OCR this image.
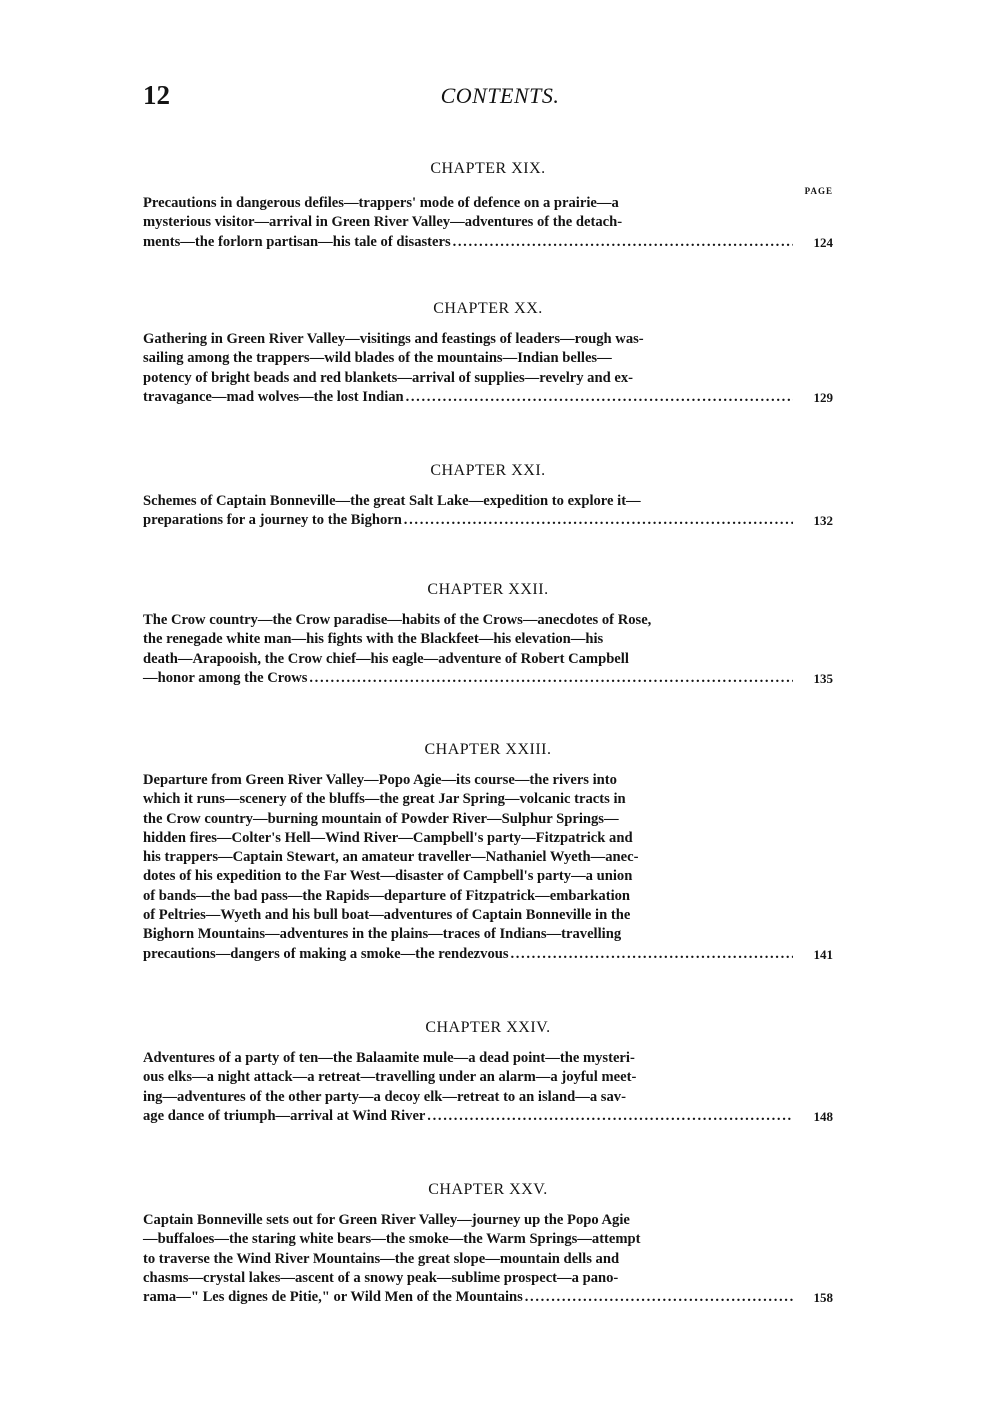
12	CONTENTS.
CHAPTER XIX.
PAGE
Precautions in dangerous defiles—trappers' mode of defence on a prairie—a
mysterious visitor—arrival in Green River Valley—adventures of the detach-
ments—the forlorn partisan—his tale of disasters . . .	124
CHAPTER XX.
Gathering in Green River Valley—visitings and feastings of leaders—rough was-
sailing among the trappers—wild blades of the mountains—Indian belles—
potency of bright beads and red blankets—arrival of supplies—revelry and ex-
travagance—mad wolves—the lost Indian . . .	129
CHAPTER XXI.
Schemes of Captain Bonneville—the great Salt Lake—expedition to explore it—
preparations for a journey to the Bighorn . . .	132
CHAPTER XXII.
The Crow country—the Crow paradise—habits of the Crows—anecdotes of Rose,
the renegade white man—his fights with the Blackfeet—his elevation—his
death—Arapooish, the Crow chief—his eagle—adventure of Robert Campbell
—honor among the Crows . . .	135
CHAPTER XXIII.
Departure from Green River Valley—Popo Agie—its course—the rivers into
which it runs—scenery of the bluffs—the great Jar Spring—volcanic tracts in
the Crow country—burning mountain of Powder River—Sulphur Springs—
hidden fires—Colter's Hell—Wind River—Campbell's party—Fitzpatrick and
his trappers—Captain Stewart, an amateur traveller—Nathaniel Wyeth—anec-
dotes of his expedition to the Far West—disaster of Campbell's party—a union
of bands—the bad pass—the Rapids—departure of Fitzpatrick—embarkation
of Peltries—Wyeth and his bull boat—adventures of Captain Bonneville in the
Bighorn Mountains—adventures in the plains—traces of Indians—travelling
precautions—dangers of making a smoke—the rendezvous . . .	141
CHAPTER XXIV.
Adventures of a party of ten—the Balaamite mule—a dead point—the mysteri-
ous elks—a night attack—a retreat—travelling under an alarm—a joyful meet-
ing—adventures of the other party—a decoy elk—retreat to an island—a sav-
age dance of triumph—arrival at Wind River . . .	148
CHAPTER XXV.
Captain Bonneville sets out for Green River Valley—journey up the Popo Agie
—buffaloes—the staring white bears—the smoke—the Warm Springs—attempt
to traverse the Wind River Mountains—the great slope—mountain dells and
chasms—crystal lakes—ascent of a snowy peak—sublime prospect—a pano-
rama—" Les dignes de Pitie," or Wild Men of the Mountains . . .	158
